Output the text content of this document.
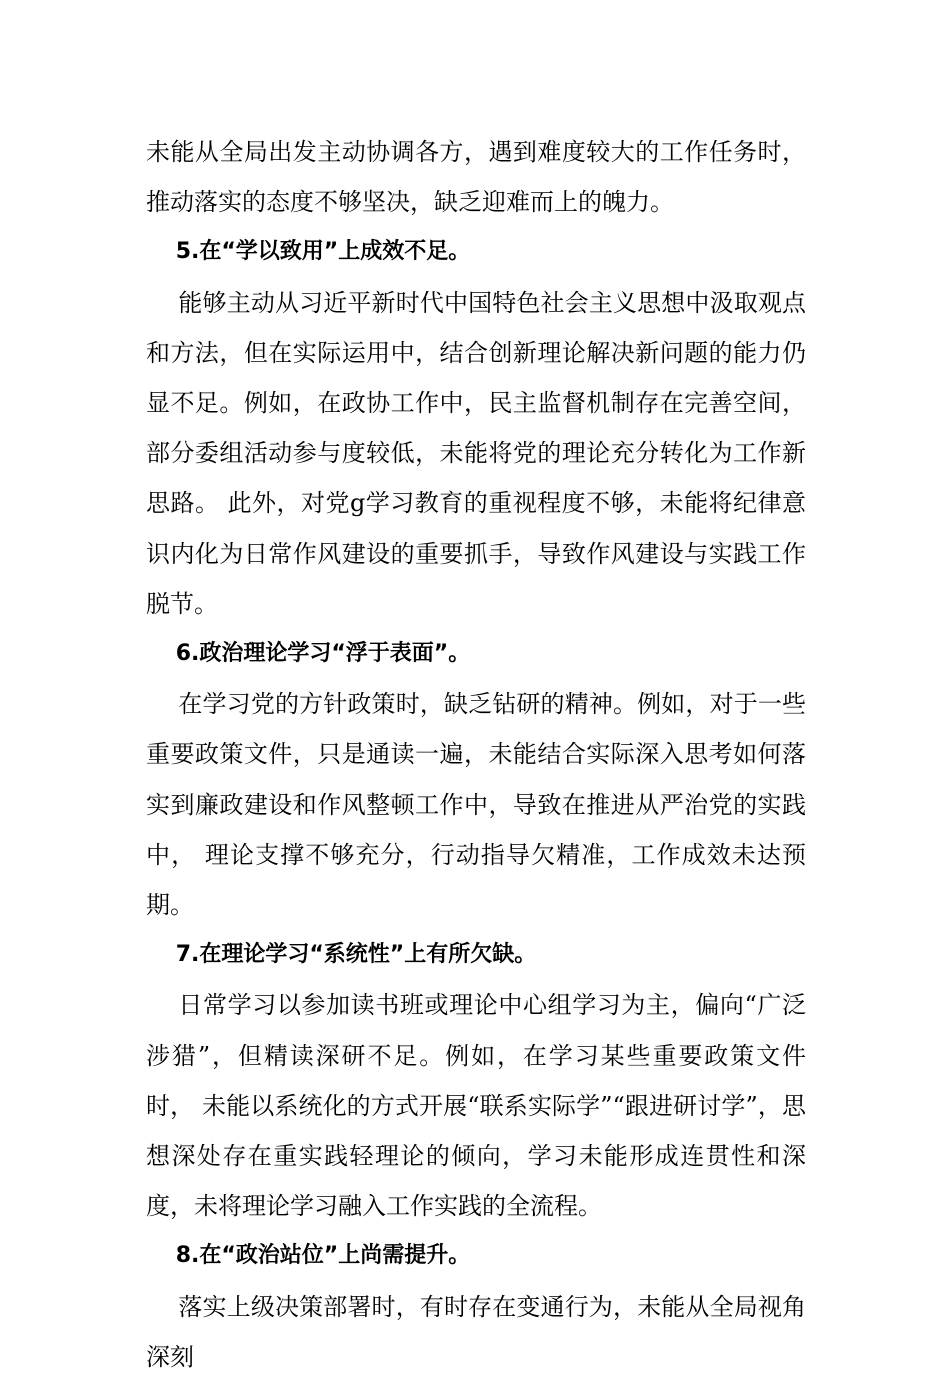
未能从全局出发主动协调各方，遇到难度较大的工作任务时，推动落实的态度不够坚决，缺乏迎难而上的魄力。

5.在“学以致用”上成效不足。

能够主动从习近平新时代中国特色社会主义思想中汲取观点和方法，但在实际运用中，结合创新理论解决新问题的能力仍显不足。例如，在政协工作中，民主监督机制存在完善空间，部分委组活动参与度较低，未能将党的理论充分转化为工作新思路。 此外，对党g学习教育的重视程度不够，未能将纪律意识内化为日常作风建设的重要抓手，导致作风建设与实践工作脱节。

6.政治理论学习“浮于表面”。

在学习党的方针政策时，缺乏钻研的精神。例如，对于一些重要政策文件，只是通读一遍，未能结合实际深入思考如何落实到廉政建设和作风整顿工作中，导致在推进从严治党的实践中， 理论支撑不够充分，行动指导欠精准，工作成效未达预期。

7.在理论学习“系统性”上有所欠缺。

日常学习以参加读书班或理论中心组学习为主，偏向“广泛涉猎”，但精读深研不足。例如，在学习某些重要政策文件时， 未能以系统化的方式开展“联系实际学”“跟进研讨学”，思想深处存在重实践轻理论的倾向，学习未能形成连贯性和深度，未将理论学习融入工作实践的全流程。

8.在“政治站位”上尚需提升。

落实上级决策部署时，有时存在变通行为，未能从全局视角深刻
